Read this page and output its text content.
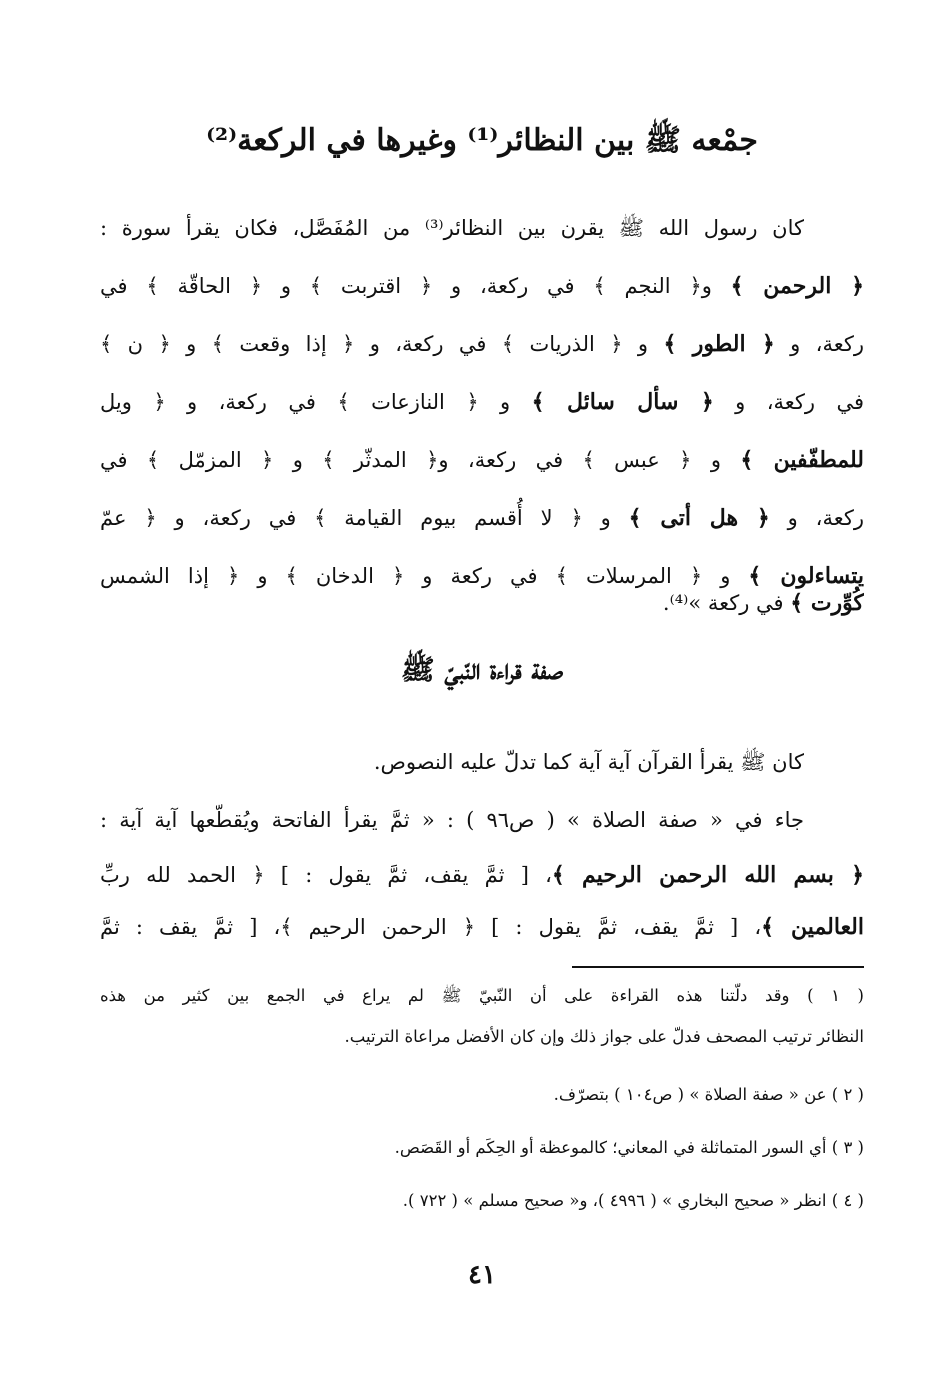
جمْعه ﷺ بين النظائر⁽¹⁾ وغيرها في الركعة⁽²⁾
كان رسول الله ﷺ يقرن بين النظائر⁽³⁾ من المُفَصَّل، فكان يقرأ سورة :
﴿ الرحمن ﴾ و﴿ النجم ﴾ في ركعة، و ﴿ اقتربت ﴾ و ﴿ الحاقّة ﴾ في
ركعة، و ﴿ الطور ﴾ و ﴿ الذريات ﴾ في ركعة، و ﴿ إذا وقعت ﴾ و ﴿ ن ﴾
في ركعة، و ﴿ سأل سائل ﴾ و ﴿ النازعات ﴾ في ركعة، و ﴿ ويل
للمطفّفين ﴾ و ﴿ عبس ﴾ في ركعة، و﴿ المدثّر ﴾ و ﴿ المزمّل ﴾ في
ركعة، و ﴿ هل أتى ﴾ و ﴿ لا أُقسم بيوم القيامة ﴾ في ركعة، و ﴿ عمّ
يتساءلون ﴾ و ﴿ المرسلات ﴾ في ركعة و ﴿ الدخان ﴾ و ﴿ إذا الشمس
كُوِّرت ﴾ في ركعة »⁽⁴⁾.
صفة قراءة النّبيّ ﷺ
كان ﷺ يقرأ القرآن آية آية كما تدلّ عليه النصوص.
جاء في « صفة الصلاة » ( ص٩٦ ) : « ثمَّ يقرأ الفاتحة ويُقطّعها آية آية :
﴿ بسم الله الرحمن الرحيم ﴾، [ ثمَّ يقف، ثمَّ يقول : ] ﴿ الحمد لله ربِّ
العالمين ﴾، [ ثمَّ يقف، ثمَّ يقول : ] ﴿ الرحمن الرحيم ﴾، [ ثمَّ يقف : ثمَّ
( ١ ) وقد دلّتنا هذه القراءة على أن النّبيّ ﷺ لم يراع في الجمع بين كثير من هذه
النظائر ترتيب المصحف فدلّ على جواز ذلك وإن كان الأفضل مراعاة الترتيب.
( ٢ ) عن « صفة الصلاة » ( ص١٠٤ ) بتصرّف.
( ٣ ) أي السور المتماثلة في المعاني؛ كالموعظة أو الحِكَم أو القَصَص.
( ٤ ) انظر « صحيح البخاري » ( ٤٩٩٦ )، و« صحيح مسلم » ( ٧٢٢ ).
٤١
